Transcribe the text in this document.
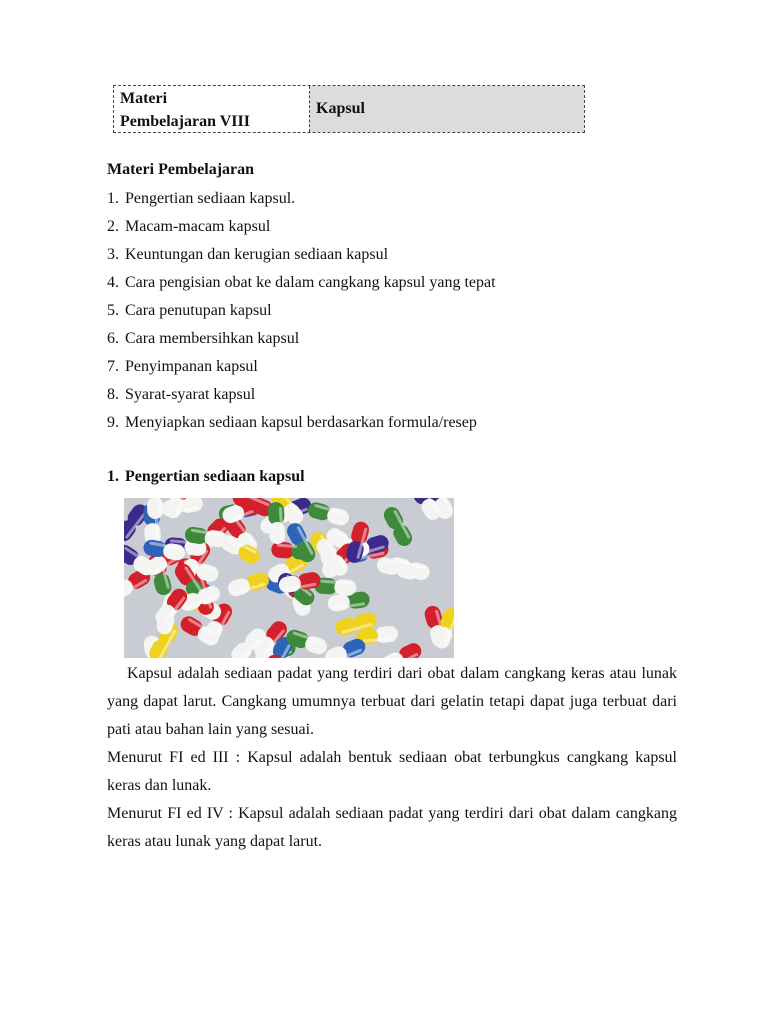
Materi
Pembelajaran VIII
Kapsul
Materi Pembelajaran
1. Pengertian sediaan kapsul.
2. Macam-macam kapsul
3. Keuntungan dan kerugian sediaan kapsul
4. Cara pengisian obat ke dalam cangkang kapsul yang tepat
5. Cara penutupan kapsul
6. Cara membersihkan kapsul
7. Penyimpanan kapsul
8. Syarat-syarat kapsul
9. Menyiapkan sediaan kapsul berdasarkan formula/resep
1. Pengertian sediaan kapsul

Kapsul adalah sediaan padat yang terdiri dari obat dalam cangkang keras atau lunak yang dapat larut. Cangkang umumnya terbuat dari gelatin tetapi dapat juga terbuat dari pati atau bahan lain yang sesuai.

Menurut FI ed III : Kapsul adalah bentuk sediaan obat terbungkus cangkang kapsul keras dan lunak.

Menurut FI ed IV : Kapsul adalah sediaan padat yang terdiri dari obat dalam cangkang keras atau lunak yang dapat larut.
